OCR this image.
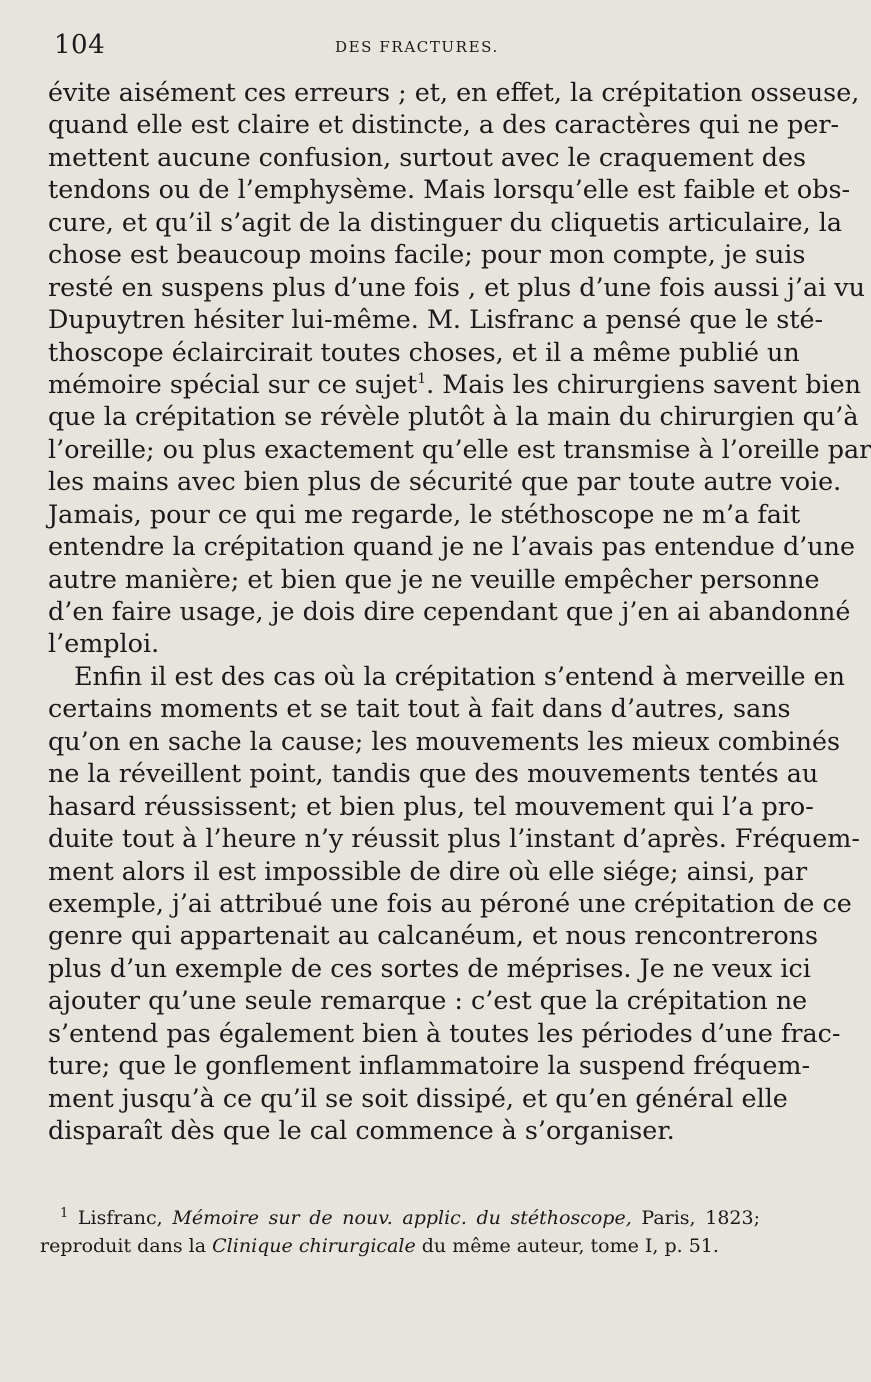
104	DES FRACTURES.

évite aisément ces erreurs ; et, en effet, la crépitation osseuse,
quand elle est claire et distincte, a des caractères qui ne per-
mettent aucune confusion, surtout avec le craquement des
tendons ou de l’emphysème. Mais lorsqu’elle est faible et obs-
cure, et qu’il s’agit de la distinguer du cliquetis articulaire, la
chose est beaucoup moins facile; pour mon compte, je suis
resté en suspens plus d’une fois , et plus d’une fois aussi j’ai vu
Dupuytren hésiter lui-même. M. Lisfranc a pensé que le sté-
thoscope éclaircirait toutes choses, et il a même publié un
mémoire spécial sur ce sujet$^1$. Mais les chirurgiens savent bien
que la crépitation se révèle plutôt à la main du chirurgien qu’à
l’oreille; ou plus exactement qu’elle est transmise à l’oreille par
les mains avec bien plus de sécurité que par toute autre voie.
Jamais, pour ce qui me regarde, le stéthoscope ne m’a fait
entendre la crépitation quand je ne l’avais pas entendue d’une
autre manière; et bien que je ne veuille empêcher personne
d’en faire usage, je dois dire cependant que j’en ai abandonné
l’emploi.

Enfin il est des cas où la crépitation s’entend à merveille en
certains moments et se tait tout à fait dans d’autres, sans
qu’on en sache la cause; les mouvements les mieux combinés
ne la réveillent point, tandis que des mouvements tentés au
hasard réussissent; et bien plus, tel mouvement qui l’a pro-
duite tout à l’heure n’y réussit plus l’instant d’après. Fréquem-
ment alors il est impossible de dire où elle siége; ainsi, par
exemple, j’ai attribué une fois au péroné une crépitation de ce
genre qui appartenait au calcanéum, et nous rencontrerons
plus d’un exemple de ces sortes de méprises. Je ne veux ici
ajouter qu’une seule remarque : c’est que la crépitation ne
s’entend pas également bien à toutes les périodes d’une frac-
ture; que le gonflement inflammatoire la suspend fréquem-
ment jusqu’à ce qu’il se soit dissipé, et qu’en général elle
disparaît dès que le cal commence à s’organiser.

$^1$ Lisfranc, Mémoire sur de nouv. applic. du stéthoscope, Paris, 1823;
reproduit dans la Clinique chirurgicale du même auteur, tome I, p. 51.
